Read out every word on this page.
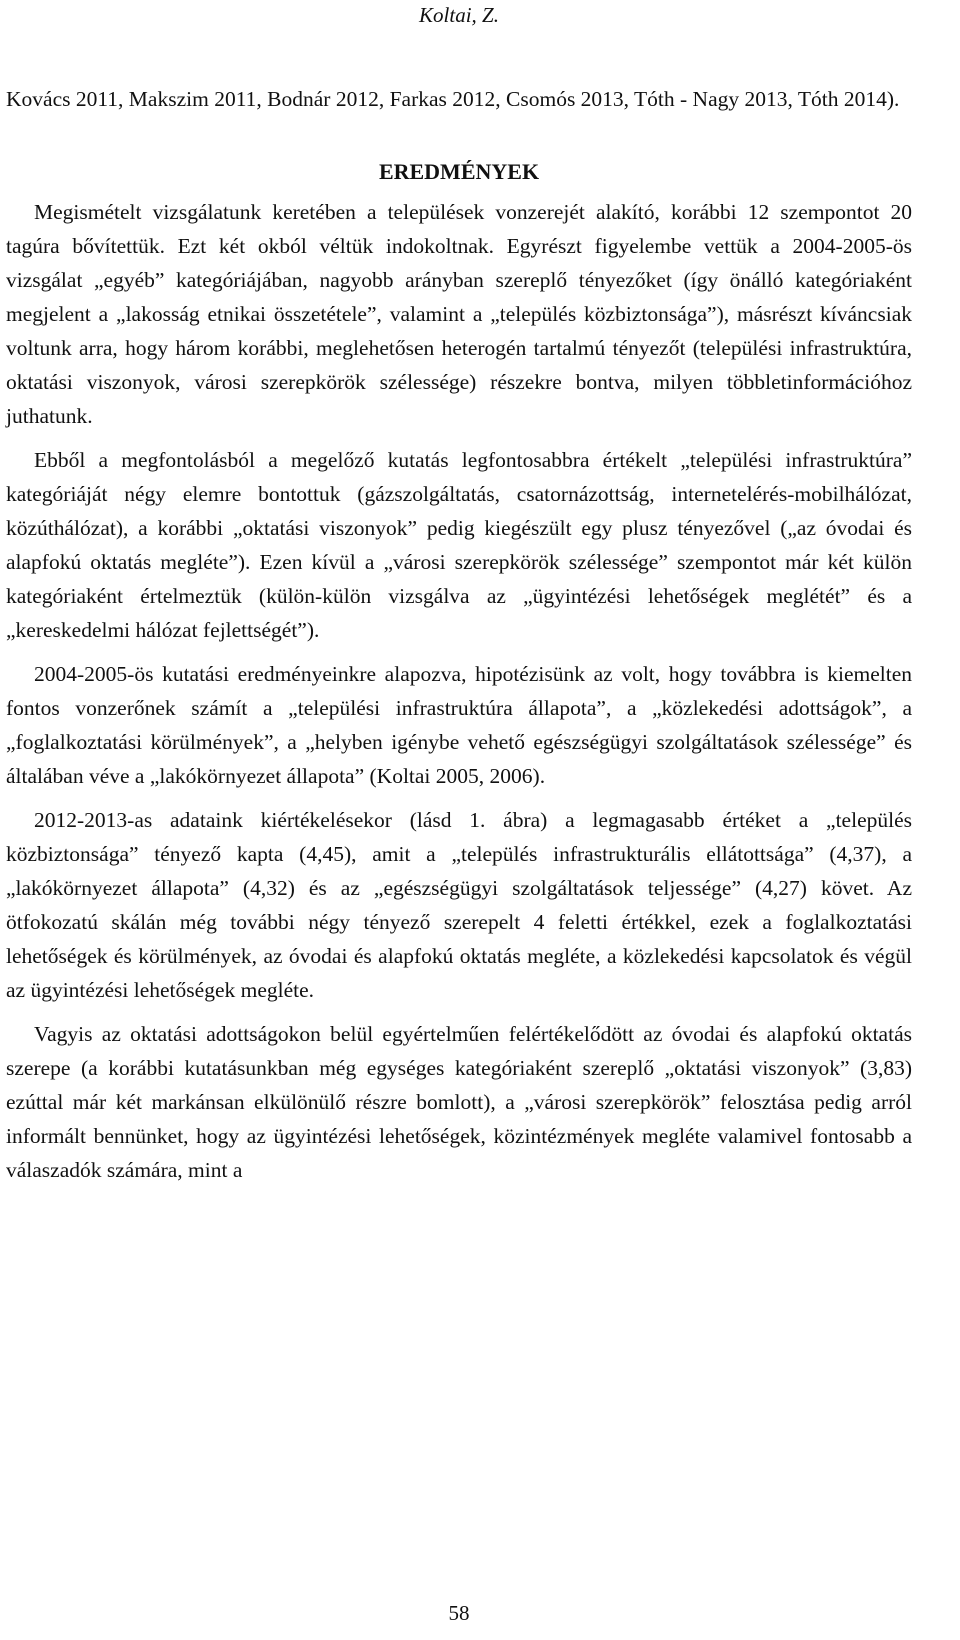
Koltai, Z.

Kovács 2011, Makszim 2011, Bodnár 2012, Farkas 2012, Csomós 2013, Tóth - Nagy 2013, Tóth 2014).

EREDMÉNYEK

Megismételt vizsgálatunk keretében a települések vonzerejét alakító, korábbi 12 szempontot 20 tagúra bővítettük. Ezt két okból véltük indokoltnak. Egyrészt figyelembe vettük a 2004-2005-ös vizsgálat „egyéb” kategóriájában, nagyobb arányban szereplő tényezőket (így önálló kategóriaként megjelent a „lakosság etnikai összetétele”, valamint a „település közbiztonsága”), másrészt kíváncsiak voltunk arra, hogy három korábbi, meglehetősen heterogén tartalmú tényezőt (települési infrastruktúra, oktatási viszonyok, városi szerepkörök szélessége) részekre bontva, milyen többletinformációhoz juthatunk.

Ebből a megfontolásból a megelőző kutatás legfontosabbra értékelt „települési infrastruktúra” kategóriáját négy elemre bontottuk (gázszolgáltatás, csatornázottság, internetelérés-mobilhálózat, közúthálózat), a korábbi „oktatási viszonyok” pedig kiegészült egy plusz tényezővel („az óvodai és alapfokú oktatás megléte”). Ezen kívül a „városi szerepkörök szélessége” szempontot már két külön kategóriaként értelmeztük (külön-külön vizsgálva az „ügyintézési lehetőségek meglétét” és a „kereskedelmi hálózat fejlettségét”).

2004-2005-ös kutatási eredményeinkre alapozva, hipotézisünk az volt, hogy továbbra is kiemelten fontos vonzerőnek számít a „települési infrastruktúra állapota”, a „közlekedési adottságok”, a „foglalkoztatási körülmények”, a „helyben igénybe vehető egészségügyi szolgáltatások szélessége” és általában véve a „lakókörnyezet állapota” (Koltai 2005, 2006).

2012-2013-as adataink kiértékelésekor (lásd 1. ábra) a legmagasabb értéket a „település közbiztonsága” tényező kapta (4,45), amit a „település infrastrukturális ellátottsága” (4,37), a „lakókörnyezet állapota” (4,32) és az „egészségügyi szolgáltatások teljessége” (4,27) követ. Az ötfokozatú skálán még további négy tényező szerepelt 4 feletti értékkel, ezek a foglalkoztatási lehetőségek és körülmények, az óvodai és alapfokú oktatás megléte, a közlekedési kapcsolatok és végül az ügyintézési lehetőségek megléte.

Vagyis az oktatási adottságokon belül egyértelműen felértékelődött az óvodai és alapfokú oktatás szerepe (a korábbi kutatásunkban még egységes kategóriaként szereplő „oktatási viszonyok” (3,83) ezúttal már két markánsan elkülönülő részre bomlott), a „városi szerepkörök” felosztása pedig arról informált bennünket, hogy az ügyintézési lehetőségek, közintézmények megléte valamivel fontosabb a válaszadók számára, mint a

58
